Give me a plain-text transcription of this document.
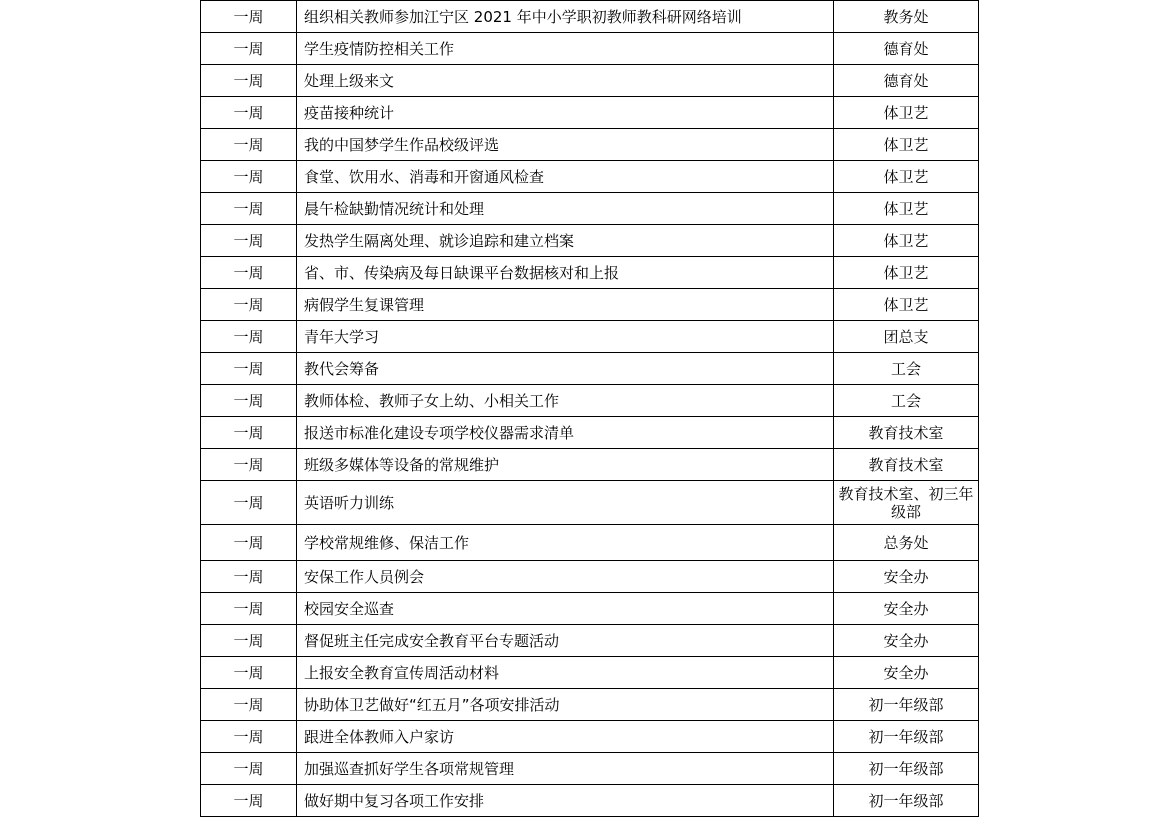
一周	组织相关教师参加江宁区 2021 年中小学职初教师教科研网络培训	教务处
一周	学生疫情防控相关工作	德育处
一周	处理上级来文	德育处
一周	疫苗接种统计	体卫艺
一周	我的中国梦学生作品校级评选	体卫艺
一周	食堂、饮用水、消毒和开窗通风检查	体卫艺
一周	晨午检缺勤情况统计和处理	体卫艺
一周	发热学生隔离处理、就诊追踪和建立档案	体卫艺
一周	省、市、传染病及每日缺课平台数据核对和上报	体卫艺
一周	病假学生复课管理	体卫艺
一周	青年大学习	团总支
一周	教代会筹备	工会
一周	教师体检、教师子女上幼、小相关工作	工会
一周	报送市标准化建设专项学校仪器需求清单	教育技术室
一周	班级多媒体等设备的常规维护	教育技术室
一周	英语听力训练	教育技术室、初三年级部
一周	学校常规维修、保洁工作	总务处
一周	安保工作人员例会	安全办
一周	校园安全巡查	安全办
一周	督促班主任完成安全教育平台专题活动	安全办
一周	上报安全教育宣传周活动材料	安全办
一周	协助体卫艺做好“红五月”各项安排活动	初一年级部
一周	跟进全体教师入户家访	初一年级部
一周	加强巡查抓好学生各项常规管理	初一年级部
一周	做好期中复习各项工作安排	初一年级部
